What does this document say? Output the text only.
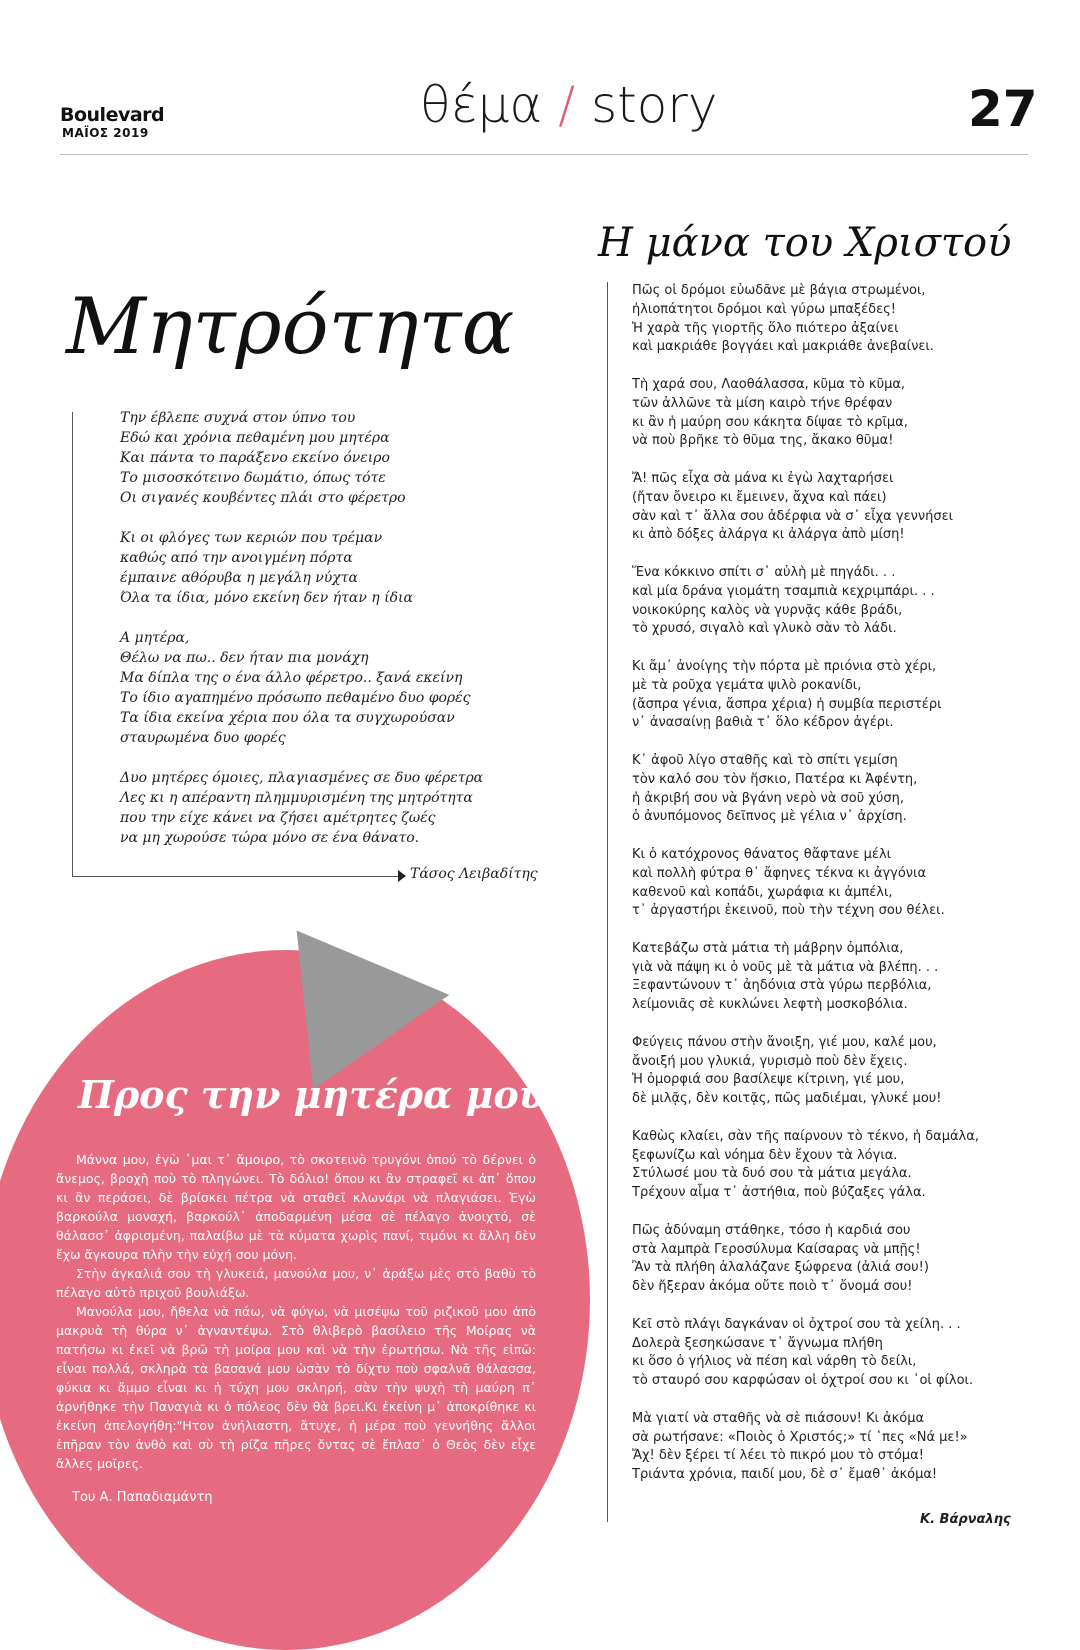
Boulevard
ΜΑΪΟΣ 2019	θέμα / story	27
Μητρότητα
Την έβλεπε συχνά στον ύπνο του
Εδώ και χρόνια πεθαμένη μου μητέρα
Και πάντα το παράξενο εκείνο όνειρο
Το μισοσκότεινο δωμάτιο, όπως τότε
Οι σιγανές κουβέντες πλάι στο φέρετρο

Κι οι φλόγες των κεριών που τρέμαν
καθώς από την ανοιγμένη πόρτα
έμπαινε αθόρυβα η μεγάλη νύχτα
Όλα τα ίδια, μόνο εκείνη δεν ήταν η ίδια

Α μητέρα,
Θέλω να πω.. δεν ήταν πια μονάχη
Μα δίπλα της ο ένα άλλο φέρετρο.. ξανά εκείνη
Το ίδιο αγαπημένο πρόσωπο πεθαμένο δυο φορές
Τα ίδια εκείνα χέρια που όλα τα συγχωρούσαν
σταυρωμένα δυο φορές

Δυο μητέρες όμοιες, πλαγιασμένες σε δυο φέρετρα
Λες κι η απέραντη πλημμυρισμένη της μητρότητα
που την είχε κάνει να ζήσει αμέτρητες ζωές
να μη χωρούσε τώρα μόνο σε ένα θάνατο.
Τάσος Λειβαδίτης
Προς την μητέρα μου

Μάννα μου, ἐγὼ ῾μαι τ᾿ ἄμοιρο, τὸ σκοτεινὸ τρυγόνι ὁπού τὸ δέρνει ὁ ἄνεμος, βροχὴ ποὺ τὸ πληγώνει. Τὸ δόλιο! ὅπου κι ἂν στραφεῖ κι ἀπ᾿ ὅπου κι ἂν περάσει, δὲ βρίσκει πέτρα νὰ σταθεῖ κλωνάρι νὰ πλαγιάσει. Ἐγὼ βαρκούλα μοναχή, βαρκούλ᾿ ἀποδαρμένη μέσα σὲ πέλαγο ἀνοιχτό, σὲ θάλασσ᾿ ἀφρισμένη, παλαίβω μὲ τὰ κύματα χωρὶς πανί, τιμόνι κι ἄλλη δὲν ἔχω ἄγκουρα πλὴν τὴν εὐχή σου μόνη.

Στὴν ἀγκαλιά σου τὴ γλυκειά, μανούλα μου, ν᾿ ἀράξω μὲς στὸ βαθὺ τὸ πέλαγο αὐτὸ πριχοῦ βουλιάξω.

Μανούλα μου, ἤθελα νὰ πάω, νὰ φύγω, νὰ μισέψω τοῦ ριζικοῦ μου ἀπὸ μακρυὰ τὴ θύρα ν᾿ ἀγναντέψω. Στὸ θλιβερὸ βασίλειο τῆς Μοίρας νὰ πατήσω κι ἐκεῖ νὰ βρῶ τὴ μοίρα μου καὶ νὰ τὴν ἐρωτήσω. Νὰ τῆς εἰπῶ: εἶναι πολλά, σκληρὰ τὰ βασανά μου ὡσὰν τὸ δίχτυ ποὺ σφαλνᾶ θάλασσα, φύκια κι ἄμμο εἶναι κι ἡ τύχη μου σκληρή, σὰν τὴν ψυχὴ τὴ μαύρη π᾿ ἀρνήθηκε τὴν Παναγιὰ κι ὁ πόλεος δὲν θὰ βρει.Κι ἐκείνη μ᾿ ἀποκρίθηκε κι ἐκείνη ἀπελογήθη:"Ητον ἀνήλιαστη, ἄτυχε, ἡ μέρα ποὺ γεννήθης ἄλλοι ἐπῆραν τὸν ἀνθὸ καὶ σὺ τὴ ρίζα πῆρες ὄντας σὲ ἔπλασ᾿ ὁ Θεὸς δὲν εἶχε ἄλλες μοῖρες.

Του Α. Παπαδιαμάντη
Η μάνα του Χριστού
Πῶς οἱ δρόμοι εὐωδᾶνε μὲ βάγια στρωμένοι,
ἠλιοπάτητοι δρόμοι καὶ γύρω μπαξέδες!
Ἡ χαρὰ τῆς γιορτῆς ὅλο πιότερο ἀξαίνει
καὶ μακριάθε βογγάει καὶ μακριάθε ἀνεβαίνει.
Τὴ χαρά σου, Λαοθάλασσα, κῦμα τὸ κῦμα,
τῶν ἀλλῶνε τὰ μίση καιρὸ τήνε θρέφαν
κι ἂν ἡ μαύρη σου κάκητα δίψαε τὸ κρῖμα,
νὰ ποὺ βρῆκε τὸ θῦμα της, ἄκακο θῦμα!
Ἄ! πῶς εἶχα σὰ μάνα κι ἐγὼ λαχταρήσει
(ἤταν ὄνειρο κι ἔμεινεν, ἄχνα καὶ πάει)
σὰν καὶ τ᾿ ἄλλα σου ἀδέρφια νὰ σ᾿ εἶχα γεννήσει
κι ἀπὸ δόξες ἀλάργα κι ἀλάργα ἀπὸ μίση!
Ἕνα κόκκινο σπίτι σ᾿ αὐλὴ μὲ πηγάδι. . .
καὶ μία δράνα γιομάτη τσαμπιὰ κεχριμπάρι. . .
νοικοκύρης καλὸς νὰ γυρνᾷς κάθε βράδι,
τὸ χρυσό, σιγαλὸ καὶ γλυκὸ σὰν τὸ λάδι.
Κι ἄμ᾿ ἀνοίγης τὴν πόρτα μὲ πριόνια στὸ χέρι,
μὲ τὰ ροῦχα γεμάτα ψιλὸ ροκανίδι,
(ἄσπρα γένια, ἄσπρα χέρια) ἡ συμβία περιστέρι
ν᾿ ἀνασαίνῃ βαθιὰ τ᾿ ὅλο κέδρον ἀγέρι.
Κ᾿ ἀφοῦ λίγο σταθῆς καὶ τὸ σπίτι γεμίση
τὸν καλό σου τὸν ἥσκιο, Πατέρα κι Ἀφέντη,
ἡ ἀκριβή σου νὰ βγάνη νερὸ νὰ σοῦ χύση,
ὁ ἀνυπόμονος δεῖπνος μὲ γέλια ν᾿ ἀρχίση.
Κι ὁ κατόχρονος θάνατος θἄφτανε μέλι
καὶ πολλὴ φύτρα θ᾿ ἄφηνες τέκνα κι ἀγγόνια
καθενοῦ καὶ κοπάδι, χωράφια κι ἀμπέλι,
τ᾿ ἀργαστήρι ἐκεινοῦ, ποὺ τὴν τέχνη σου θέλει.
Κατεβάζω στὰ μάτια τὴ μάβρην ὀμπόλια,
γιὰ νὰ πάψη κι ὁ νοῦς μὲ τὰ μάτια νὰ βλέπη. . .
Ξεφαντώνουν τ᾿ ἀηδόνια στὰ γύρω περβόλια,
λείμονιᾶς σὲ κυκλώνει λεφτὴ μοσκοβόλια.
Φεύγεις πάνου στὴν ἄνοιξη, γιέ μου, καλέ μου,
ἄνοιξή μου γλυκιά, γυρισμὸ ποὺ δὲν ἔχεις.
Ἡ ὀμορφιά σου βασίλεψε κίτρινη, γιέ μου,
δὲ μιλᾷς, δὲν κοιτᾷς, πῶς μαδιέμαι, γλυκέ μου!
Καθὼς κλαίει, σὰν τῆς παίρνουν τὸ τέκνο, ἡ δαμάλα,
ξεφωνίζω καὶ νόημα δὲν ἔχουν τὰ λόγια.
Στύλωσέ μου τὰ δυό σου τὰ μάτια μεγάλα.
Τρέχουν αἷμα τ᾿ ἀστήθια, ποὺ βύζαξες γάλα.
Πῶς ἀδύναμη στάθηκε, τόσο ἡ καρδιά σου
στὰ λαμπρὰ Γεροσύλυμα Καίσαρας νὰ μπῇς!
Ἂν τὰ πλήθη ἀλαλάζανε ξώφρενα (ἀλιά σου!)
δὲν ἤξεραν ἀκόμα οὔτε ποιὸ τ᾿ ὄνομά σου!
Κεῖ στὸ πλάγι δαγκάναν οἱ ὀχτροί σου τὰ χείλη. . .
Δολερὰ ξεσηκώσανε τ᾿ ἄγνωμα πλήθη
κι ὅσο ὁ γήλιος νὰ πέση καὶ νάρθη τὸ δείλι,
τὸ σταυρό σου καρφώσαν οἱ ὀχτροί σου κι ᾿οἱ φίλοι.
Μὰ γιατί νὰ σταθῆς νὰ σὲ πιάσουν! Κι ἀκόμα
σὰ ρωτήσανε: «Ποιὸς ὁ Χριστός;» τί ῾πες «Νά με!»
Ἄχ! δὲν ξέρει τί λέει τὸ πικρό μου τὸ στόμα!
Τριάντα χρόνια, παιδί μου, δὲ σ᾿ ἔμαθ᾿ ἀκόμα!
Κ. Βάρναλης
